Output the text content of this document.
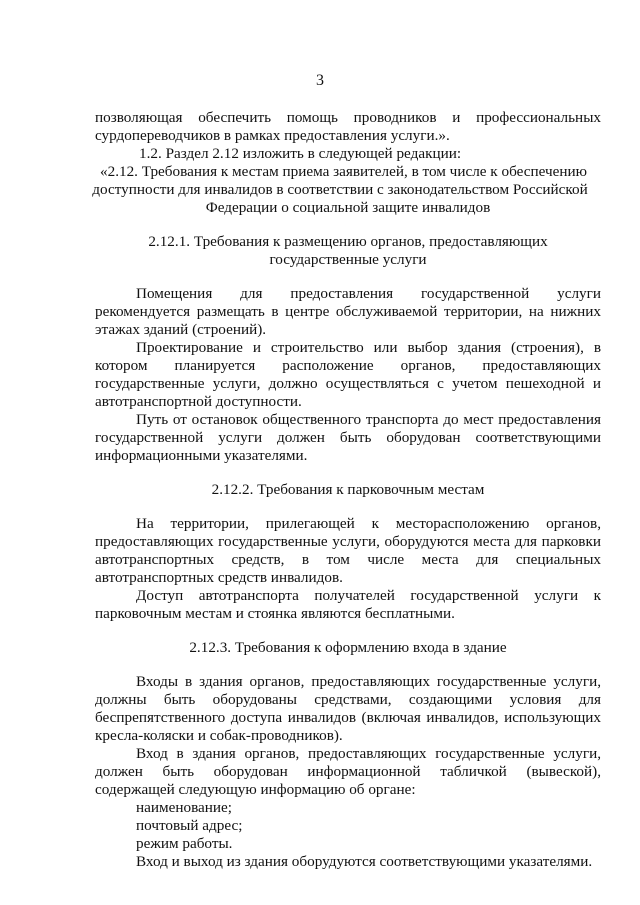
3
позволяющая обеспечить помощь проводников и профессиональных
сурдопереводчиков в рамках предоставления услуги.».
1.2. Раздел 2.12 изложить в следующей редакции:
«2.12. Требования к местам приема заявителей, в том числе к обеспечению
доступности для инвалидов в соответствии с законодательством Российской
Федерации о социальной защите инвалидов
2.12.1. Требования к размещению органов, предоставляющих
государственные услуги
Помещения для предоставления государственной услуги
рекомендуется размещать в центре обслуживаемой территории, на нижних
этажах зданий (строений).
Проектирование и строительство или выбор здания (строения), в
котором планируется расположение органов, предоставляющих
государственные услуги, должно осуществляться с учетом пешеходной и
автотранспортной доступности.
Путь от остановок общественного транспорта до мест предоставления
государственной услуги должен быть оборудован соответствующими
информационными указателями.
2.12.2. Требования к парковочным местам
На территории, прилегающей к месторасположению органов,
предоставляющих государственные услуги, оборудуются места для парковки
автотранспортных средств, в том числе места для специальных
автотранспортных средств инвалидов.
Доступ автотранспорта получателей государственной услуги к
парковочным местам и стоянка являются бесплатными.
2.12.3. Требования к оформлению входа в здание
Входы в здания органов, предоставляющих государственные услуги,
должны быть оборудованы средствами, создающими условия для
беспрепятственного доступа инвалидов (включая инвалидов, использующих
кресла-коляски и собак-проводников).
Вход в здания органов, предоставляющих государственные услуги,
должен быть оборудован информационной табличкой (вывеской),
содержащей следующую информацию об органе:
наименование;
почтовый адрес;
режим работы.
Вход и выход из здания оборудуются соответствующими указателями.
